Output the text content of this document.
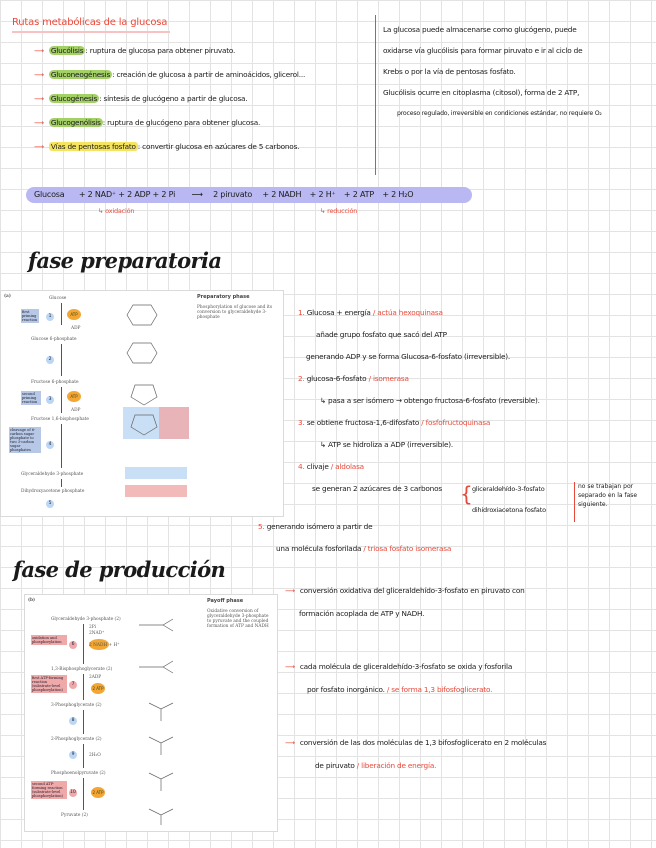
Rutas metabólicas de la glucosa
⟶ Glucólisis : ruptura de glucosa para obtener piruvato.
⟶ Gluconeogénesis : creación de glucosa a partir de aminoácidos, glicerol...
⟶ Glucogénesis : síntesis de glucógeno a partir de glucosa.
⟶ Glucogenólisis : ruptura de glucógeno para obtener glucosa.
⟶ Vías de pentosas fosfato : convertir glucosa en azúcares de 5 carbonos.
La glucosa puede almacenarse como glucógeno, puede
oxidarse vía glucólisis para formar piruvato e ir al ciclo de
Krebs o por la vía de pentosas fosfato.
Glucólisis ocurre en citoplasma (citosol), forma de 2 ATP,
proceso regulado, irreversible en condiciones estándar, no requiere O₂
Glucosa + 2 NAD⁺ + 2 ADP + 2 Pi ⟶ 2 piruvato + 2 NADH + 2 H⁺ + 2 ATP + 2 H₂O
↳ oxidación	↳ reducción
fase preparatoria
(a)	Preparatory phase
Phosphorylation of glucose and its conversion to glyceraldehyde 3-phosphate
Glucose
first priming reaction
1	ATP
ADP
Glucose 6-phosphate
2
Fructose 6-phosphate
second priming reaction	3
ATP
ADP
Fructose 1,6-bisphosphate
cleavage of 6-carbon sugar phosphate to two 3-carbon sugar phosphates
4
Glyceraldehyde 3-phosphate
Dihydroxyacetone phosphate
5
1. Glucosa + energía / actúa hexoquinasa
añade grupo fosfato que sacó del ATP
generando ADP y se forma Glucosa-6-fosfato (irreversible).
2. glucosa-6-fosfato / isomerasa
↳ pasa a ser isómero → obtengo fructosa-6-fosfato (reversible).
3. se obtiene fructosa-1,6-difosfato / fosfofructoquinasa
↳ ATP se hidroliza a ADP (irreversible).
4. clivaje / aldolasa
se generan 2 azúcares de 3 carbonos { gliceraldehído-3-fosfato
dihidroxiacetona fosfato
no se trabajan por separado en la fase siguiente.
5. generando isómero a partir de
una molécula fosforilada / triosa fosfato isomerasa
fase de producción
(b)	Payoff phase
Oxidative conversion of glyceraldehyde 3-phosphate to pyruvate and the coupled formation of ATP and NADH
Glyceraldehyde 3-phosphate (2)
2Pi
2NAD⁺
oxidation and phosphorylation	6	2 NADH + H⁺
1,3-Bisphosphoglycerate (2)
2ADP
first ATP-forming reaction (substrate-level phosphorylation)
7
2 ATP
3-Phosphoglycerate (2)
8
2-Phosphoglycerate (2)
9	2H₂O
Phosphoenolpyruvate (2)
second ATP-forming reaction (substrate-level phosphorylation)
10	2 ATP
Pyruvate (2)
⟶ conversión oxidativa del gliceraldehído-3-fosfato en piruvato con
formación acoplada de ATP y NADH.
⟶ cada molécula de gliceraldehído-3-fosfato se oxida y fosforila
por fosfato inorgánico. / se forma 1,3 bifosfoglicerato.
⟶ conversión de las dos moléculas de 1,3 bifosfoglicerato en 2 moléculas
de piruvato / liberación de energía.
